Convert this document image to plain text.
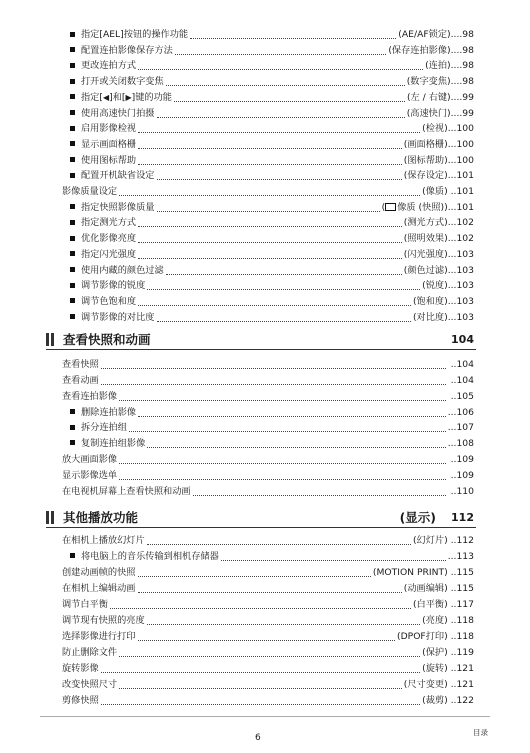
指定[AEL]按钮的操作功能	(AE/AF锁定) .... 98
配置连拍影像保存方法	(保存连拍影像) .... 98
更改连拍方式	(连拍) .... 98
打开或关闭数字变焦	(数字变焦) .... 98
指定[◀]和[▶]键的功能	(左 / 右键) .... 99
使用高速快门拍摄	(高速快门) .... 99
启用影像检视	(检视) ... 100
显示画面格栅	(画面格栅) ... 100
使用图标帮助	(图标帮助) ... 100
配置开机缺省设定	(保存设定) ... 101
影像质量设定	(像质) .. 101
指定快照影像质量	( 像质 (快照)) ... 101
指定测光方式	(测光方式) ... 102
优化影像亮度	(照明效果) ... 102
指定闪光强度	(闪光强度) ... 103
使用内藏的颜色过滤	(颜色过滤) ... 103
调节影像的锐度	(锐度) ... 103
调节色饱和度	(饱和度) ... 103
调节影像的对比度	(对比度) ... 103
查看快照和动画	104
查看快照	.. 104
查看动画	.. 104
查看连拍影像	.. 105
删除连拍影像	... 106
拆分连拍组	... 107
复制连拍组影像	... 108
放大画面影像	.. 109
显示影像选单	.. 109
在电视机屏幕上查看快照和动画	.. 110
其他播放功能	(显示) 112
在相机上播放幻灯片	(幻灯片) .. 112
将电脑上的音乐传输到相机存储器	... 113
创建动画帧的快照	(MOTION PRINT) .. 115
在相机上编辑动画	(动画编辑) .. 115
调节白平衡	(白平衡) .. 117
调节现有快照的亮度	(亮度) .. 118
选择影像进行打印	(DPOF打印) .. 118
防止删除文件	(保护) .. 119
旋转影像	(旋转) .. 121
改变快照尺寸	(尺寸变更) .. 121
剪修快照	(裁剪) .. 122
6
目录
